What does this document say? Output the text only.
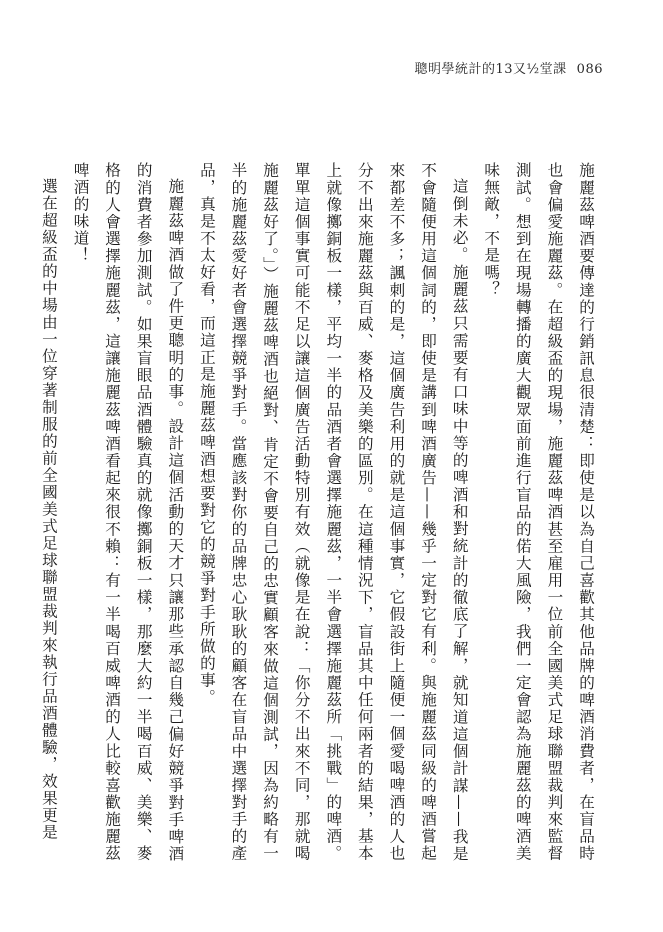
聰明學統計的13又½堂課 086

施麗茲啤酒要傳達的行銷訊息很清楚：即使是以為自己喜歡其他品牌的啤酒消費者，在盲品時也會偏愛施麗茲。在超級盃的現場，施麗茲啤酒甚至雇用一位前全國美式足球聯盟裁判來監督測試。想到在現場轉播的廣大觀眾面前進行盲品的偌大風險，我們一定會認為施麗茲的啤酒美味無敵，不是嗎？

這倒未必。施麗茲只需要有口味中等的啤酒和對統計的徹底了解，就知道這個計謀——我是不會隨便用這個詞的，即使是講到啤酒廣告——幾乎一定對它有利。與施麗茲同級的啤酒嘗起來都差不多；諷刺的是，這個廣告利用的就是這個事實，它假設街上隨便一個愛喝啤酒的人也分不出來施麗茲與百威、麥格及美樂的區別。在這種情況下，盲品其中任何兩者的結果，基本上就像擲銅板一樣，平均一半的品酒者會選擇施麗茲，一半會選擇施麗茲所「挑戰」的啤酒。單單這個事實可能不足以讓這個廣告活動特別有效（就像是在說：「你分不出來不同，那就喝施麗茲好了。」）施麗茲啤酒也絕對、肯定不會要自己的忠實顧客來做這個測試，因為約略有一半的施麗茲愛好者會選擇競爭對手。當應該對你的品牌忠心耿耿的顧客在盲品中選擇對手的產品，真是不太好看，而這正是施麗茲啤酒想要對它的競爭對手所做的事。

施麗茲啤酒做了件更聰明的事。設計這個活動的天才只讓那些承認自幾己偏好競爭對手啤酒的消費者參加測試。如果盲眼品酒體驗真的就像擲銅板一樣，那麼大約一半喝百威、美樂、麥格的人會選擇施麗茲，這讓施麗茲啤酒看起來很不賴：有一半喝百威啤酒的人比較喜歡施麗茲啤酒的味道！

選在超級盃的中場由一位穿著制服的前全國美式足球聯盟裁判來執行品酒體驗，效果更是
